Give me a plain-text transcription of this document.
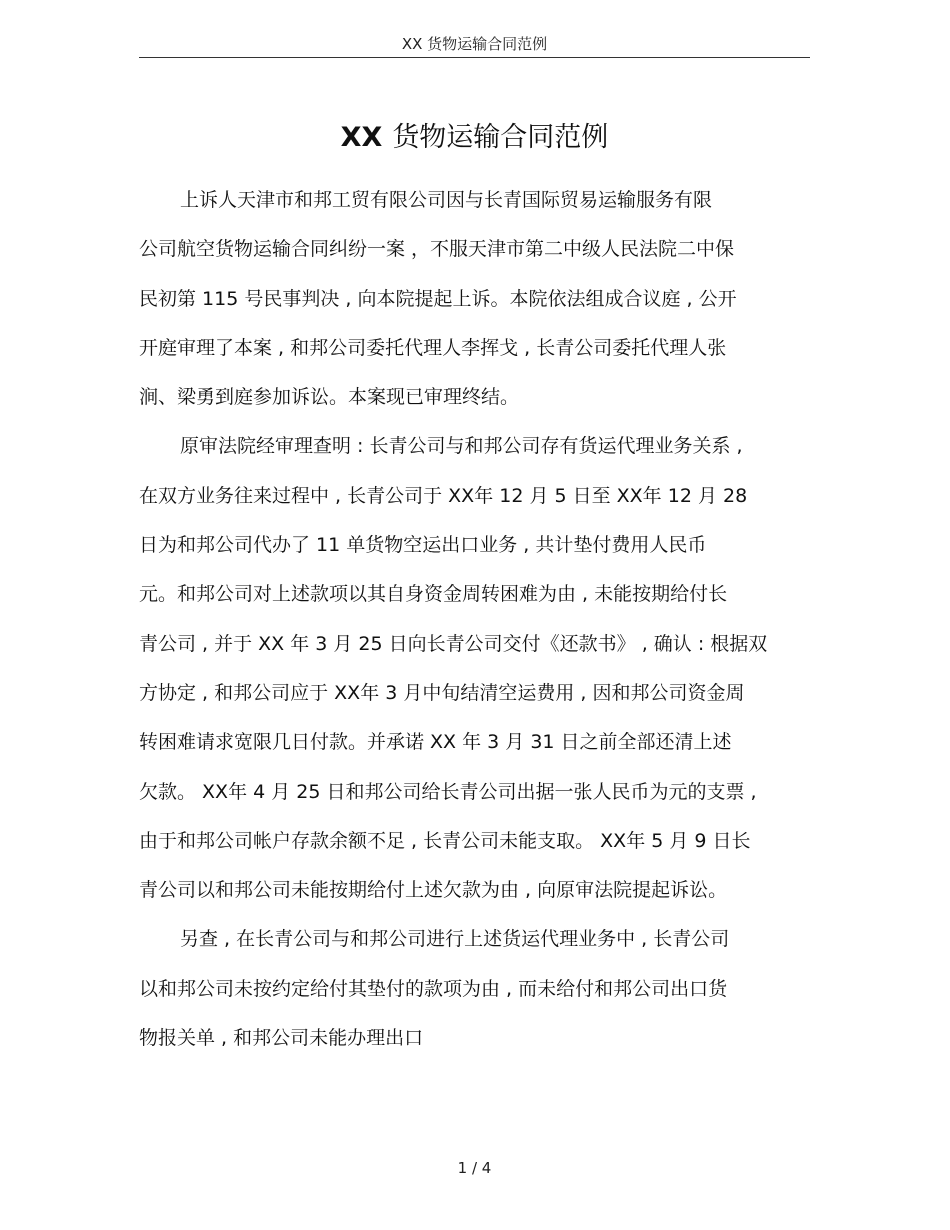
XX 货物运输合同范例
XX 货物运输合同范例
上诉人天津市和邦工贸有限公司因与长青国际贸易运输服务有限
公司航空货物运输合同纠纷一案 ，不服天津市第二中级人民法院二中保
民初第 115 号民事判决 , 向本院提起上诉。本院依法组成合议庭 , 公开
开庭审理了本案 , 和邦公司委托代理人李挥戈 , 长青公司委托代理人张
涧、梁勇到庭参加诉讼。本案现已审理终结。
原审法院经审理查明 : 长青公司与和邦公司存有货运代理业务关系 ,
在双方业务往来过程中 , 长青公司于 XX年 12 月 5 日至 XX年 12 月 28
日为和邦公司代办了 11 单货物空运出口业务 , 共计垫付费用人民币
元。和邦公司对上述款项以其自身资金周转困难为由 , 未能按期给付长
青公司 , 并于 XX 年 3 月 25 日向长青公司交付《还款书》 , 确认 : 根据双
方协定 , 和邦公司应于 XX年 3 月中旬结清空运费用 , 因和邦公司资金周
转困难请求宽限几日付款。并承诺 XX 年 3 月 31 日之前全部还清上述
欠款。 XX年 4 月 25 日和邦公司给长青公司出据一张人民币为元的支票 ,
由于和邦公司帐户存款余额不足 , 长青公司未能支取。 XX年 5 月 9 日长
青公司以和邦公司未能按期给付上述欠款为由 , 向原审法院提起诉讼。
另查 , 在长青公司与和邦公司进行上述货运代理业务中 , 长青公司
以和邦公司未按约定给付其垫付的款项为由 , 而未给付和邦公司出口货
物报关单 , 和邦公司未能办理出口
1 / 4
